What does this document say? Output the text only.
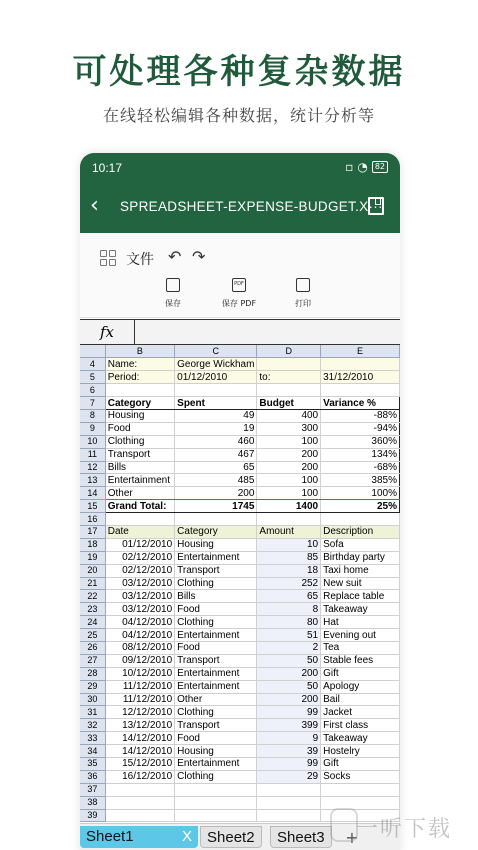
可处理各种复杂数据
在线轻松编辑各种数据，统计分析等
10:17	▫ ◔ 82
‹ SPREADSHEET-EXPENSE-BUDGET.X···
文件 ↶ ↷
保存
PDF
保存 PDF	打印
fx
	B	C	D	E
4	Name:	George Wickham		
5	Period:	01/12/2010	to:	31/12/2010
6				
7	Category	Spent	Budget	Variance %
8	Housing	49	400	-88%
9	Food	19	300	-94%
10	Clothing	460	100	360%
11	Transport	467	200	134%
12	Bills	65	200	-68%
13	Entertainment	485	100	385%
14	Other	200	100	100%
15	Grand Total:	1745	1400	25%
16				
17	Date	Category	Amount	Description
18	01/12/2010	Housing	10	Sofa
19	02/12/2010	Entertainment	85	Birthday party
20	02/12/2010	Transport	18	Taxi home
21	03/12/2010	Clothing	252	New suit
22	03/12/2010	Bills	65	Replace table
23	03/12/2010	Food	8	Takeaway
24	04/12/2010	Clothing	80	Hat
25	04/12/2010	Entertainment	51	Evening out
26	08/12/2010	Food	2	Tea
27	09/12/2010	Transport	50	Stable fees
28	10/12/2010	Entertainment	200	Gift
29	11/12/2010	Entertainment	50	Apology
30	11/12/2010	Other	200	Bail
31	12/12/2010	Clothing	99	Jacket
32	13/12/2010	Transport	399	First class
33	14/12/2010	Food	9	Takeaway
34	14/12/2010	Housing	39	Hostelry
35	15/12/2010	Entertainment	99	Gift
36	16/12/2010	Clothing	29	Socks
37				
38				
39				
Sheet1	X	Sheet2	Sheet3	+
一听下载
